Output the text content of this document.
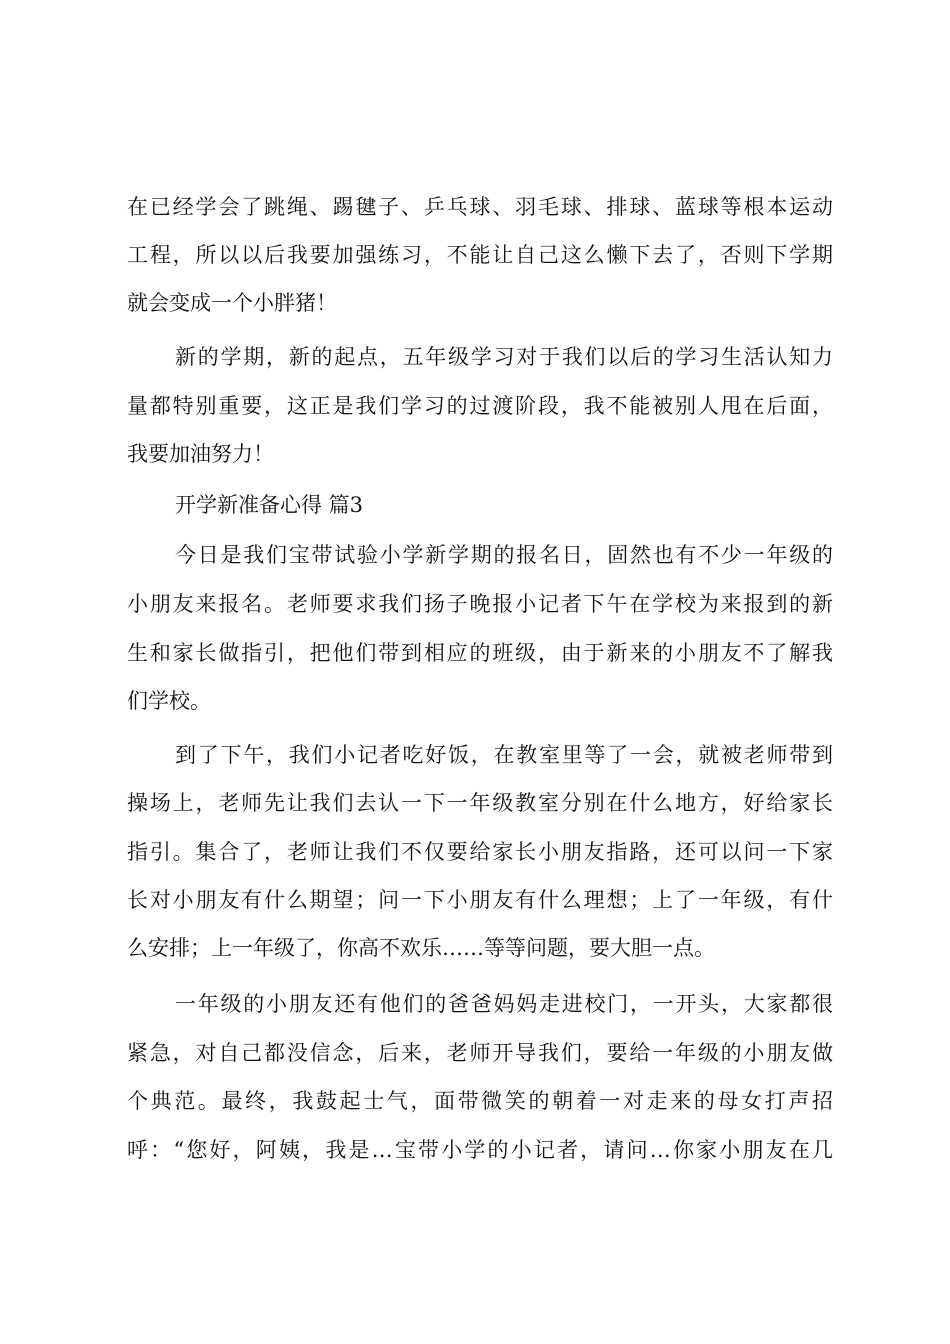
在已经学会了跳绳、踢毽子、乒乓球、羽毛球、排球、蓝球等根本运动
工程，所以以后我要加强练习，不能让自己这么懒下去了，否则下学期
就会变成一个小胖猪！
新的学期，新的起点，五年级学习对于我们以后的学习生活认知力
量都特别重要，这正是我们学习的过渡阶段，我不能被别人甩在后面，
我要加油努力！
开学新准备心得 篇3
今日是我们宝带试验小学新学期的报名日，固然也有不少一年级的
小朋友来报名。老师要求我们扬子晚报小记者下午在学校为来报到的新
生和家长做指引，把他们带到相应的班级，由于新来的小朋友不了解我
们学校。
到了下午，我们小记者吃好饭，在教室里等了一会，就被老师带到
操场上，老师先让我们去认一下一年级教室分别在什么地方，好给家长
指引。集合了，老师让我们不仅要给家长小朋友指路，还可以问一下家
长对小朋友有什么期望；问一下小朋友有什么理想；上了一年级，有什
么安排；上一年级了，你高不欢乐……等等问题，要大胆一点。
一年级的小朋友还有他们的爸爸妈妈走进校门，一开头，大家都很
紧急，对自己都没信念，后来，老师开导我们，要给一年级的小朋友做
个典范。最终，我鼓起士气，面带微笑的朝着一对走来的母女打声招
呼：“您好，阿姨，我是…宝带小学的小记者，请问…你家小朋友在几
